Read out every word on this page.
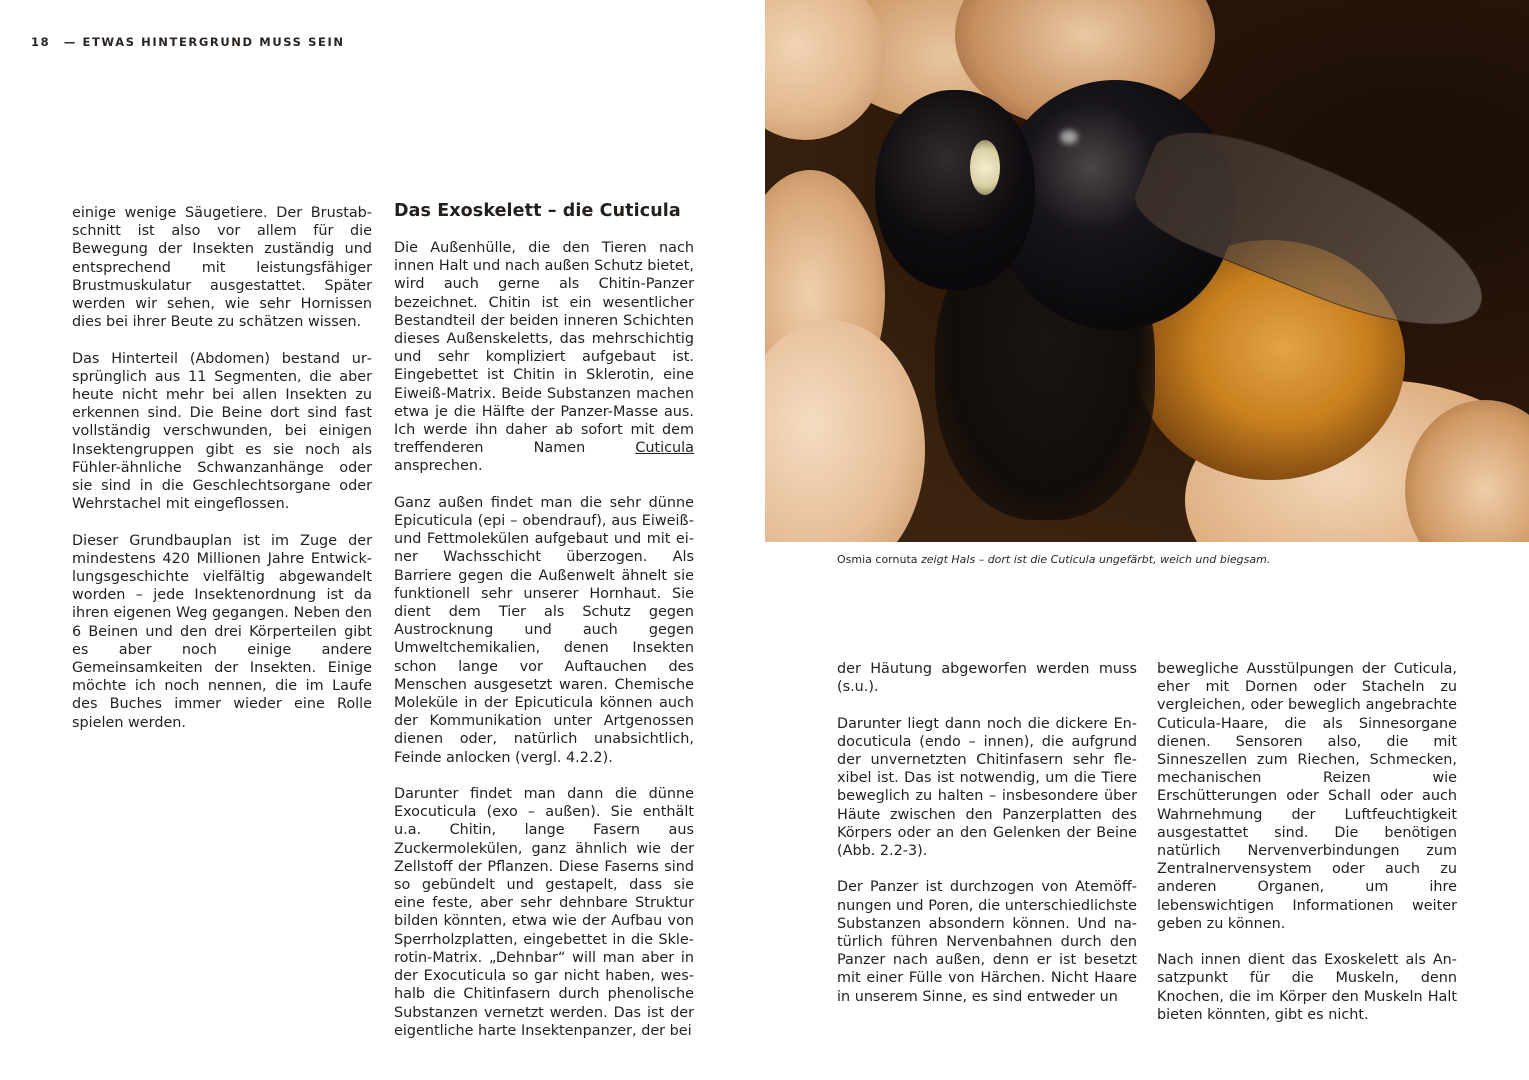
18 — ETWAS HINTERGRUND MUSS SEIN

einige wenige Säugetiere. Der Brustabschnitt ist also vor allem für die Bewegung der Insekten zuständig und entsprechend mit leistungsfähiger Brustmuskulatur ausgestattet. Später werden wir sehen, wie sehr Hornissen dies bei ihrer Beute zu schätzen wissen.

Das Hinterteil (Abdomen) bestand ursprünglich aus 11 Segmenten, die aber heute nicht mehr bei allen Insekten zu erkennen sind. Die Beine dort sind fast vollständig verschwunden, bei einigen Insektengruppen gibt es sie noch als Fühler-ähnliche Schwanzanhänge oder sie sind in die Geschlechtsorgane oder Wehrstachel mit eingeflossen.

Dieser Grundbauplan ist im Zuge der mindestens 420 Millionen Jahre Entwicklungsgeschichte vielfältig abgewandelt worden – jede Insektenordnung ist da ihren eigenen Weg gegangen. Neben den 6 Beinen und den drei Körperteilen gibt es aber noch einige andere Gemeinsamkeiten der Insekten. Einige möchte ich noch nennen, die im Laufe des Buches immer wieder eine Rolle spielen werden.

Das Exoskelett – die Cuticula

Die Außenhülle, die den Tieren nach innen Halt und nach außen Schutz bietet, wird auch gerne als Chitin-Panzer bezeichnet. Chitin ist ein wesentlicher Bestandteil der beiden inneren Schichten dieses Außenskeletts, das mehrschichtig und sehr kompliziert aufgebaut ist. Eingebettet ist Chitin in Sklerotin, eine Eiweiß-Matrix. Beide Substanzen machen etwa je die Hälfte der Panzer-Masse aus. Ich werde ihn daher ab sofort mit dem treffenderen Namen Cuticula ansprechen.

Ganz außen findet man die sehr dünne Epicuticula (epi – obendrauf), aus Eiweiß- und Fettmolekülen aufgebaut und mit einer Wachsschicht überzogen. Als Barriere gegen die Außenwelt ähnelt sie funktionell sehr unserer Hornhaut. Sie dient dem Tier als Schutz gegen Austrocknung und auch gegen Umweltchemikalien, denen Insekten schon lange vor Auftauchen des Menschen ausgesetzt waren. Chemische Moleküle in der Epicuticula können auch der Kommunikation unter Artgenossen dienen oder, natürlich unabsichtlich, Feinde anlocken (vergl. 4.2.2).

Darunter findet man dann die dünne Exocuticula (exo – außen). Sie enthält u.a. Chitin, lange Fasern aus Zuckermolekülen, ganz ähnlich wie der Zellstoff der Pflanzen. Diese Faserns sind so gebündelt und gestapelt, dass sie eine feste, aber sehr dehnbare Struktur bilden könnten, etwa wie der Aufbau von Sperrholzplatten, eingebettet in die Sklerotin-Matrix. „Dehnbar“ will man aber in der Exocuticula so gar nicht haben, weshalb die Chitinfasern durch phenolische Substanzen vernetzt werden. Das ist der eigentliche harte Insektenpanzer, der bei

Osmia cornuta zeigt Hals – dort ist die Cuticula ungefärbt, weich und biegsam.

der Häutung abgeworfen werden muss (s.u.).

Darunter liegt dann noch die dickere Endocuticula (endo – innen), die aufgrund der unvernetzten Chitinfasern sehr flexibel ist. Das ist notwendig, um die Tiere beweglich zu halten – insbesondere über Häute zwischen den Panzerplatten des Körpers oder an den Gelenken der Beine (Abb. 2.2-3).

Der Panzer ist durchzogen von Atemöffnungen und Poren, die unterschiedlichste Substanzen absondern können. Und natürlich führen Nervenbahnen durch den Panzer nach außen, denn er ist besetzt mit einer Fülle von Härchen. Nicht Haare in unserem Sinne, es sind entweder un

bewegliche Ausstülpungen der Cuticula, eher mit Dornen oder Stacheln zu vergleichen, oder beweglich angebrachte Cuticula-Haare, die als Sinnesorgane dienen. Sensoren also, die mit Sinneszellen zum Riechen, Schmecken, mechanischen Reizen wie Erschütterungen oder Schall oder auch Wahrnehmung der Luftfeuchtigkeit ausgestattet sind. Die benötigen natürlich Nervenverbindungen zum Zentralnervensystem oder auch zu anderen Organen, um ihre lebenswichtigen Informationen weiter geben zu können.

Nach innen dient das Exoskelett als Ansatzpunkt für die Muskeln, denn Knochen, die im Körper den Muskeln Halt bieten könnten, gibt es nicht.
